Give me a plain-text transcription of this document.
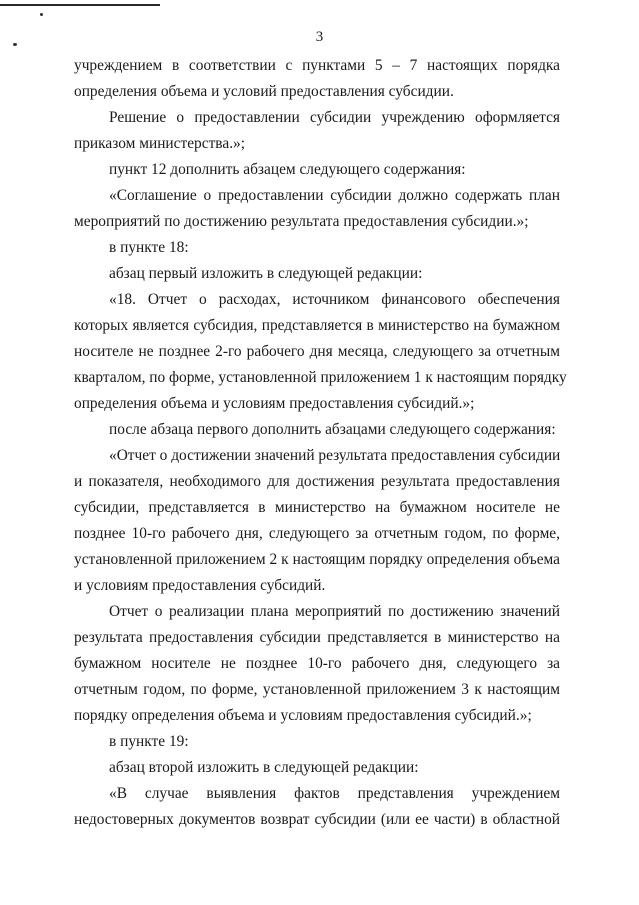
3
учреждением в соответствии с пунктами 5 – 7 настоящих порядка
определения объема и условий предоставления субсидии.
Решение о предоставлении субсидии учреждению оформляется
приказом министерства.»;
пункт 12 дополнить абзацем следующего содержания:
«Соглашение о предоставлении субсидии должно содержать план
мероприятий по достижению результата предоставления субсидии.»;
в пункте 18:
абзац первый изложить в следующей редакции:
«18. Отчет о расходах, источником финансового обеспечения
которых является субсидия, представляется в министерство на бумажном
носителе не позднее 2-го рабочего дня месяца, следующего за отчетным
кварталом, по форме, установленной приложением 1 к настоящим порядку
определения объема и условиям предоставления субсидий.»;
после абзаца первого дополнить абзацами следующего содержания:
«Отчет о достижении значений результата предоставления субсидии
и показателя, необходимого для достижения результата предоставления
субсидии, представляется в министерство на бумажном носителе не
позднее 10-го рабочего дня, следующего за отчетным годом, по форме,
установленной приложением 2 к настоящим порядку определения объема
и условиям предоставления субсидий.
Отчет о реализации плана мероприятий по достижению значений
результата предоставления субсидии представляется в министерство на
бумажном носителе не позднее 10-го рабочего дня, следующего за
отчетным годом, по форме, установленной приложением 3 к настоящим
порядку определения объема и условиям предоставления субсидий.»;
в пункте 19:
абзац второй изложить в следующей редакции:
«В случае выявления фактов представления учреждением
недостоверных документов возврат субсидии (или ее части) в областной
